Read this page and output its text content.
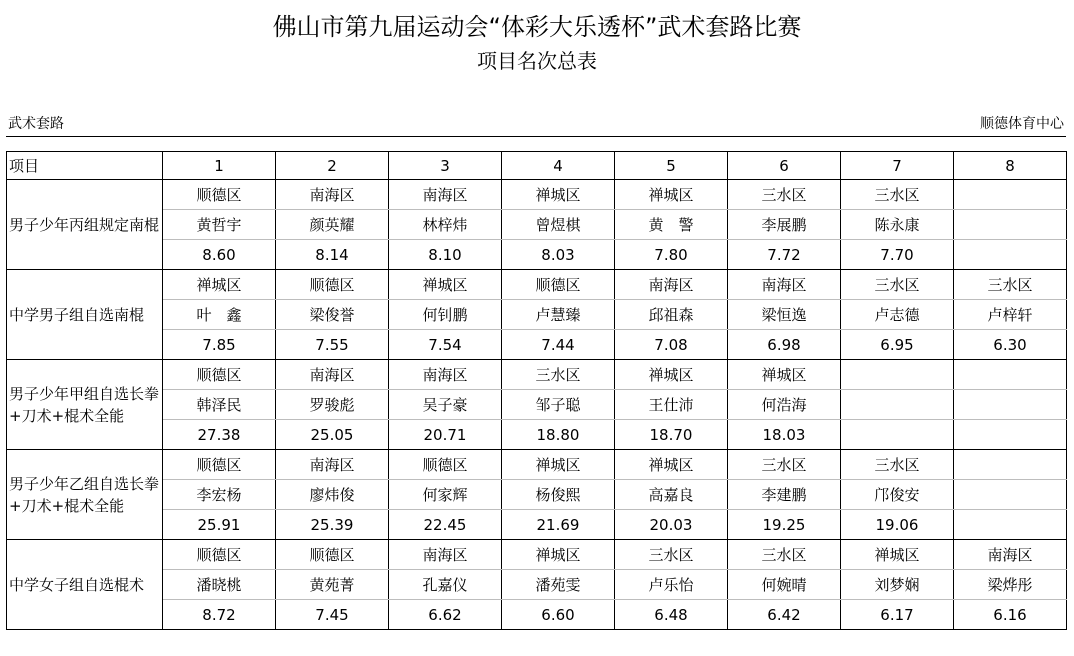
佛山市第九届运动会“体彩大乐透杯”武术套路比赛
项目名次总表
武术套路	顺德体育中心
项目	1	2	3	4	5	6	7	8
男子少年丙组规定南棍	顺德区	南海区	南海区	禅城区	禅城区	三水区	三水区	
	黄哲宇	颜英耀	林梓炜	曾煜棋	黄　警	李展鹏	陈永康	
	8.60	8.14	8.10	8.03	7.80	7.72	7.70	
中学男子组自选南棍	禅城区	顺德区	禅城区	顺德区	南海区	南海区	三水区	三水区
	叶　鑫	梁俊誉	何钊鹏	卢慧臻	邱祖森	梁恒逸	卢志德	卢梓轩
	7.85	7.55	7.54	7.44	7.08	6.98	6.95	6.30
男子少年甲组自选长拳+刀术+棍术全能	顺德区	南海区	南海区	三水区	禅城区	禅城区		
	韩泽民	罗骏彪	吴子豪	邹子聪	王仕沛	何浩海		
	27.38	25.05	20.71	18.80	18.70	18.03		
男子少年乙组自选长拳+刀术+棍术全能	顺德区	南海区	顺德区	禅城区	禅城区	三水区	三水区	
	李宏杨	廖炜俊	何家辉	杨俊熙	高嘉良	李建鹏	邝俊安	
	25.91	25.39	22.45	21.69	20.03	19.25	19.06	
中学女子组自选棍术	顺德区	顺德区	南海区	禅城区	三水区	三水区	禅城区	南海区
	潘晓桃	黄苑菁	孔嘉仪	潘苑雯	卢乐怡	何婉晴	刘梦娴	梁烨彤
	8.72	7.45	6.62	6.60	6.48	6.42	6.17	6.16
